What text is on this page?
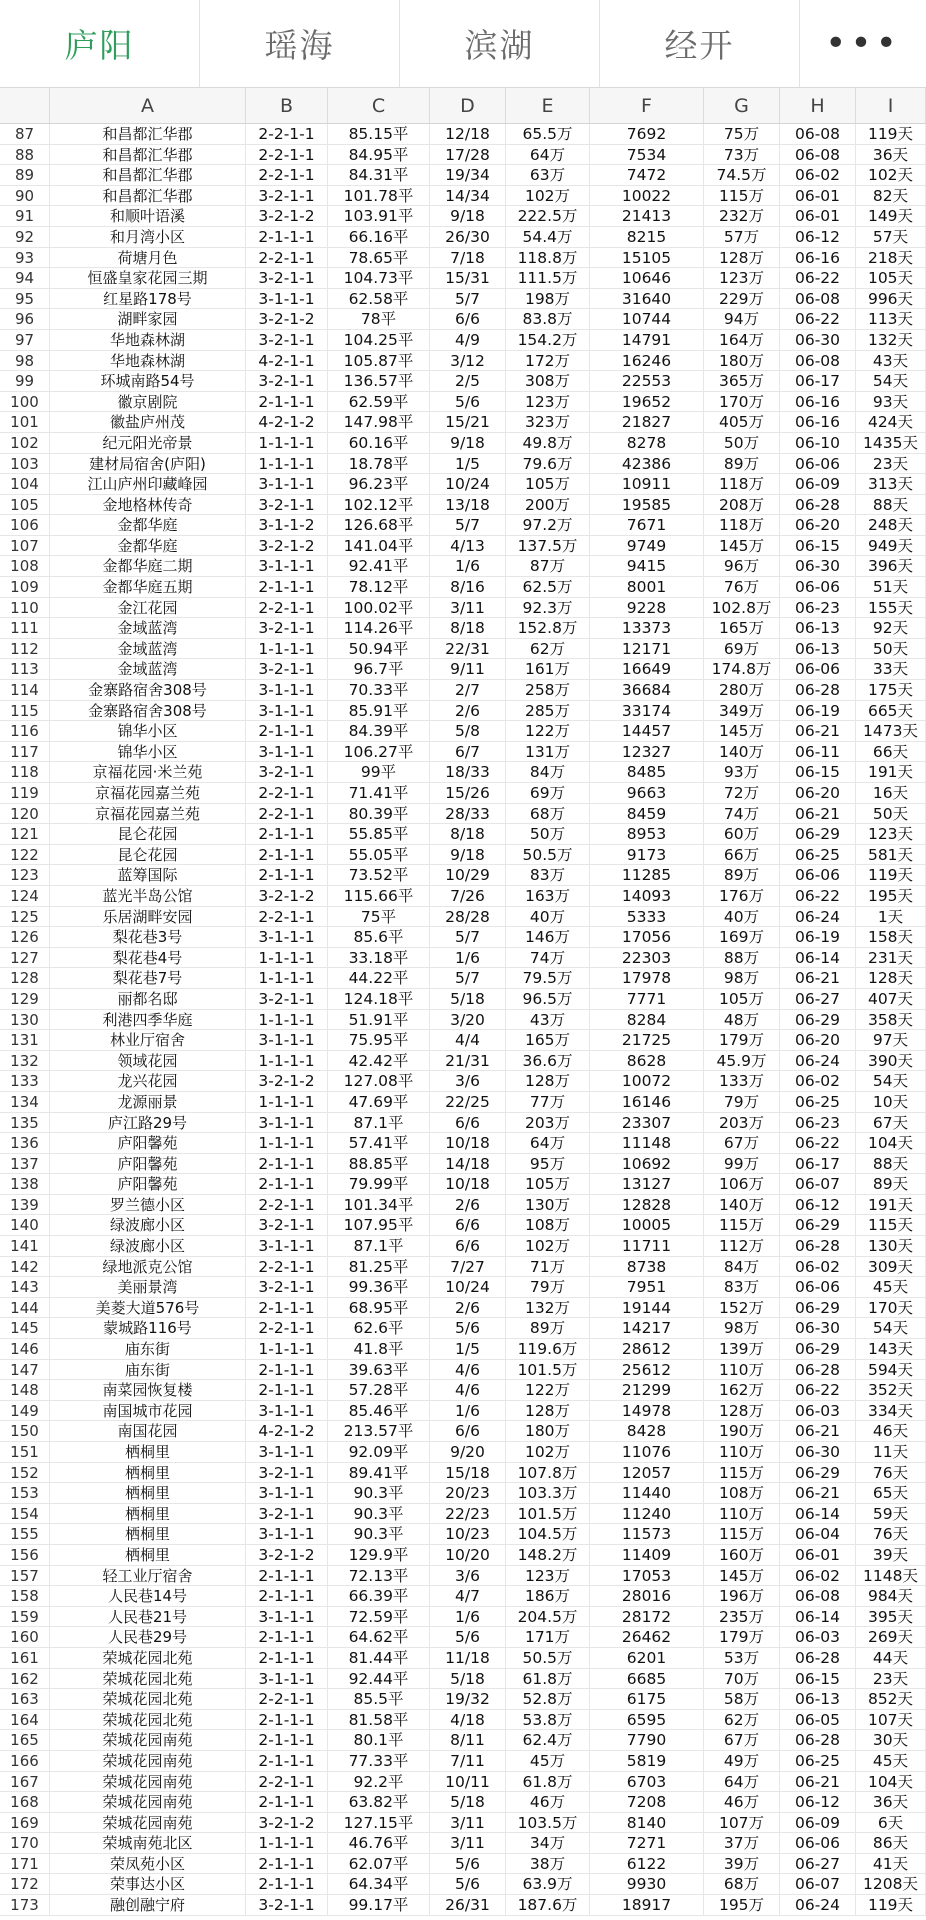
庐阳	瑶海	滨湖	经开	•••
A	B	C	D	E	F	G	H	I
87	和昌都汇华郡	2-2-1-1	85.15平	12/18	65.5万	7692	75万	06-08	119天
88	和昌都汇华郡	2-2-1-1	84.95平	17/28	64万	7534	73万	06-08	36天
89	和昌都汇华郡	2-2-1-1	84.31平	19/34	63万	7472	74.5万	06-02	102天
90	和昌都汇华郡	3-2-1-1	101.78平	14/34	102万	10022	115万	06-01	82天
91	和顺叶语溪	3-2-1-2	103.91平	9/18	222.5万	21413	232万	06-01	149天
92	和月湾小区	2-1-1-1	66.16平	26/30	54.4万	8215	57万	06-12	57天
93	荷塘月色	2-2-1-1	78.65平	7/18	118.8万	15105	128万	06-16	218天
94	恒盛皇家花园三期	3-2-1-1	104.73平	15/31	111.5万	10646	123万	06-22	105天
95	红星路178号	3-1-1-1	62.58平	5/7	198万	31640	229万	06-08	996天
96	湖畔家园	3-2-1-2	78平	6/6	83.8万	10744	94万	06-22	113天
97	华地森林湖	3-2-1-1	104.25平	4/9	154.2万	14791	164万	06-30	132天
98	华地森林湖	4-2-1-1	105.87平	3/12	172万	16246	180万	06-08	43天
99	环城南路54号	3-2-1-1	136.57平	2/5	308万	22553	365万	06-17	54天
100	徽京剧院	2-1-1-1	62.59平	5/6	123万	19652	170万	06-16	93天
101	徽盐庐州茂	4-2-1-2	147.98平	15/21	323万	21827	405万	06-16	424天
102	纪元阳光帝景	1-1-1-1	60.16平	9/18	49.8万	8278	50万	06-10	1435天
103	建材局宿舍(庐阳)	1-1-1-1	18.78平	1/5	79.6万	42386	89万	06-06	23天
104	江山庐州印藏峰园	3-1-1-1	96.23平	10/24	105万	10911	118万	06-09	313天
105	金地格林传奇	3-2-1-1	102.12平	13/18	200万	19585	208万	06-28	88天
106	金都华庭	3-1-1-2	126.68平	5/7	97.2万	7671	118万	06-20	248天
107	金都华庭	3-2-1-2	141.04平	4/13	137.5万	9749	145万	06-15	949天
108	金都华庭二期	3-1-1-1	92.41平	1/6	87万	9415	96万	06-30	396天
109	金都华庭五期	2-1-1-1	78.12平	8/16	62.5万	8001	76万	06-06	51天
110	金江花园	2-2-1-1	100.02平	3/11	92.3万	9228	102.8万	06-23	155天
111	金域蓝湾	3-2-1-1	114.26平	8/18	152.8万	13373	165万	06-13	92天
112	金域蓝湾	1-1-1-1	50.94平	22/31	62万	12171	69万	06-13	50天
113	金域蓝湾	3-2-1-1	96.7平	9/11	161万	16649	174.8万	06-06	33天
114	金寨路宿舍308号	3-1-1-1	70.33平	2/7	258万	36684	280万	06-28	175天
115	金寨路宿舍308号	3-1-1-1	85.91平	2/6	285万	33174	349万	06-19	665天
116	锦华小区	2-1-1-1	84.39平	5/8	122万	14457	145万	06-21	1473天
117	锦华小区	3-1-1-1	106.27平	6/7	131万	12327	140万	06-11	66天
118	京福花园·米兰苑	3-2-1-1	99平	18/33	84万	8485	93万	06-15	191天
119	京福花园嘉兰苑	2-2-1-1	71.41平	15/26	69万	9663	72万	06-20	16天
120	京福花园嘉兰苑	2-2-1-1	80.39平	28/33	68万	8459	74万	06-21	50天
121	昆仑花园	2-1-1-1	55.85平	8/18	50万	8953	60万	06-29	123天
122	昆仑花园	2-1-1-1	55.05平	9/18	50.5万	9173	66万	06-25	581天
123	蓝筹国际	2-1-1-1	73.52平	10/29	83万	11285	89万	06-06	119天
124	蓝光半岛公馆	3-2-1-2	115.66平	7/26	163万	14093	176万	06-22	195天
125	乐居湖畔安园	2-2-1-1	75平	28/28	40万	5333	40万	06-24	1天
126	梨花巷3号	3-1-1-1	85.6平	5/7	146万	17056	169万	06-19	158天
127	梨花巷4号	1-1-1-1	33.18平	1/6	74万	22303	88万	06-14	231天
128	梨花巷7号	1-1-1-1	44.22平	5/7	79.5万	17978	98万	06-21	128天
129	丽都名邸	3-2-1-1	124.18平	5/18	96.5万	7771	105万	06-27	407天
130	利港四季华庭	1-1-1-1	51.91平	3/20	43万	8284	48万	06-29	358天
131	林业厅宿舍	3-1-1-1	75.95平	4/4	165万	21725	179万	06-20	97天
132	领域花园	1-1-1-1	42.42平	21/31	36.6万	8628	45.9万	06-24	390天
133	龙兴花园	3-2-1-2	127.08平	3/6	128万	10072	133万	06-02	54天
134	龙源丽景	1-1-1-1	47.69平	22/25	77万	16146	79万	06-25	10天
135	庐江路29号	3-1-1-1	87.1平	6/6	203万	23307	203万	06-23	67天
136	庐阳馨苑	1-1-1-1	57.41平	10/18	64万	11148	67万	06-22	104天
137	庐阳馨苑	2-1-1-1	88.85平	14/18	95万	10692	99万	06-17	88天
138	庐阳馨苑	2-1-1-1	79.99平	10/18	105万	13127	106万	06-07	89天
139	罗兰德小区	2-2-1-1	101.34平	2/6	130万	12828	140万	06-12	191天
140	绿波廊小区	3-2-1-1	107.95平	6/6	108万	10005	115万	06-29	115天
141	绿波廊小区	3-1-1-1	87.1平	6/6	102万	11711	112万	06-28	130天
142	绿地派克公馆	2-2-1-1	81.25平	7/27	71万	8738	84万	06-02	309天
143	美丽景湾	3-2-1-1	99.36平	10/24	79万	7951	83万	06-06	45天
144	美菱大道576号	2-1-1-1	68.95平	2/6	132万	19144	152万	06-29	170天
145	蒙城路116号	2-2-1-1	62.6平	5/6	89万	14217	98万	06-30	54天
146	庙东街	1-1-1-1	41.8平	1/5	119.6万	28612	139万	06-29	143天
147	庙东街	2-1-1-1	39.63平	4/6	101.5万	25612	110万	06-28	594天
148	南菜园恢复楼	2-1-1-1	57.28平	4/6	122万	21299	162万	06-22	352天
149	南国城市花园	3-1-1-1	85.46平	1/6	128万	14978	128万	06-03	334天
150	南国花园	4-2-1-2	213.57平	6/6	180万	8428	190万	06-21	46天
151	栖桐里	3-1-1-1	92.09平	9/20	102万	11076	110万	06-30	11天
152	栖桐里	3-2-1-1	89.41平	15/18	107.8万	12057	115万	06-29	76天
153	栖桐里	3-1-1-1	90.3平	20/23	103.3万	11440	108万	06-21	65天
154	栖桐里	3-2-1-1	90.3平	22/23	101.5万	11240	110万	06-14	59天
155	栖桐里	3-1-1-1	90.3平	10/23	104.5万	11573	115万	06-04	76天
156	栖桐里	3-2-1-2	129.9平	10/20	148.2万	11409	160万	06-01	39天
157	轻工业厅宿舍	2-1-1-1	72.13平	3/6	123万	17053	145万	06-02	1148天
158	人民巷14号	2-1-1-1	66.39平	4/7	186万	28016	196万	06-08	984天
159	人民巷21号	3-1-1-1	72.59平	1/6	204.5万	28172	235万	06-14	395天
160	人民巷29号	2-1-1-1	64.62平	5/6	171万	26462	179万	06-03	269天
161	荣城花园北苑	2-1-1-1	81.44平	11/18	50.5万	6201	53万	06-28	44天
162	荣城花园北苑	3-1-1-1	92.44平	5/18	61.8万	6685	70万	06-15	23天
163	荣城花园北苑	2-2-1-1	85.5平	19/32	52.8万	6175	58万	06-13	852天
164	荣城花园北苑	2-1-1-1	81.58平	4/18	53.8万	6595	62万	06-05	107天
165	荣城花园南苑	2-1-1-1	80.1平	8/11	62.4万	7790	67万	06-28	30天
166	荣城花园南苑	2-1-1-1	77.33平	7/11	45万	5819	49万	06-25	45天
167	荣城花园南苑	2-2-1-1	92.2平	10/11	61.8万	6703	64万	06-21	104天
168	荣城花园南苑	2-1-1-1	63.82平	5/18	46万	7208	46万	06-12	36天
169	荣城花园南苑	3-2-1-2	127.15平	3/11	103.5万	8140	107万	06-09	6天
170	荣城南苑北区	1-1-1-1	46.76平	3/11	34万	7271	37万	06-06	86天
171	荣凤苑小区	2-1-1-1	62.07平	5/6	38万	6122	39万	06-27	41天
172	荣事达小区	2-1-1-1	64.34平	5/6	63.9万	9930	68万	06-07	1208天
173	融创融宁府	3-2-1-1	99.17平	26/31	187.6万	18917	195万	06-24	119天
